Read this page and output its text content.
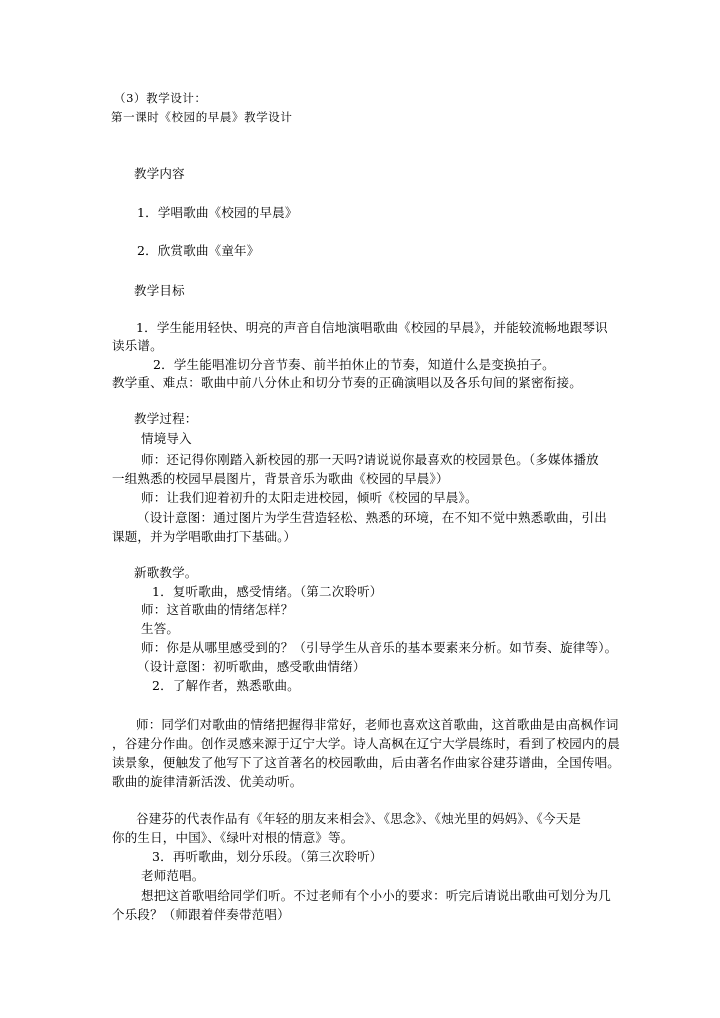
（3）教学设计：
第一课时《校园的早晨》教学设计
教学内容
1．学唱歌曲《校园的早晨》
2．欣赏歌曲《童年》
教学目标
1．学生能用轻快、明亮的声音自信地演唱歌曲《校园的早晨》，并能较流畅地跟琴识
读乐谱。
2．学生能唱准切分音节奏、前半拍休止的节奏，知道什么是变换拍子。
教学重、难点：歌曲中前八分休止和切分节奏的正确演唱以及各乐句间的紧密衔接。
教学过程：
情境导入
师：还记得你刚踏入新校园的那一天吗?请说说你最喜欢的校园景色。（多媒体播放
一组熟悉的校园早晨图片，背景音乐为歌曲《校园的早晨》）
师：让我们迎着初升的太阳走进校园，倾听《校园的早晨》。
（设计意图：通过图片为学生营造轻松、熟悉的环境，在不知不觉中熟悉歌曲，引出
课题，并为学唱歌曲打下基础。）
新歌教学。
1．复听歌曲，感受情绪。（第二次聆听）
师：这首歌曲的情绪怎样？
生答。
师：你是从哪里感受到的？（引导学生从音乐的基本要素来分析。如节奏、旋律等）。
（设计意图：初听歌曲，感受歌曲情绪）
2．了解作者，熟悉歌曲。
师：同学们对歌曲的情绪把握得非常好，老师也喜欢这首歌曲，这首歌曲是由高枫作词
，谷建分作曲。创作灵感来源于辽宁大学。诗人高枫在辽宁大学晨练时，看到了校园内的晨
读景象，便触发了他写下了这首著名的校园歌曲，后由著名作曲家谷建芬谱曲，全国传唱。
歌曲的旋律清新活泼、优美动听。
谷建芬的代表作品有《年轻的朋友来相会》、《思念》、《烛光里的妈妈》、《今天是
你的生日，中国》、《绿叶对根的情意》等。
3．再听歌曲，划分乐段。（第三次聆听）
老师范唱。
想把这首歌唱给同学们听。不过老师有个小小的要求：听完后请说出歌曲可划分为几
个乐段？（师跟着伴奏带范唱）
